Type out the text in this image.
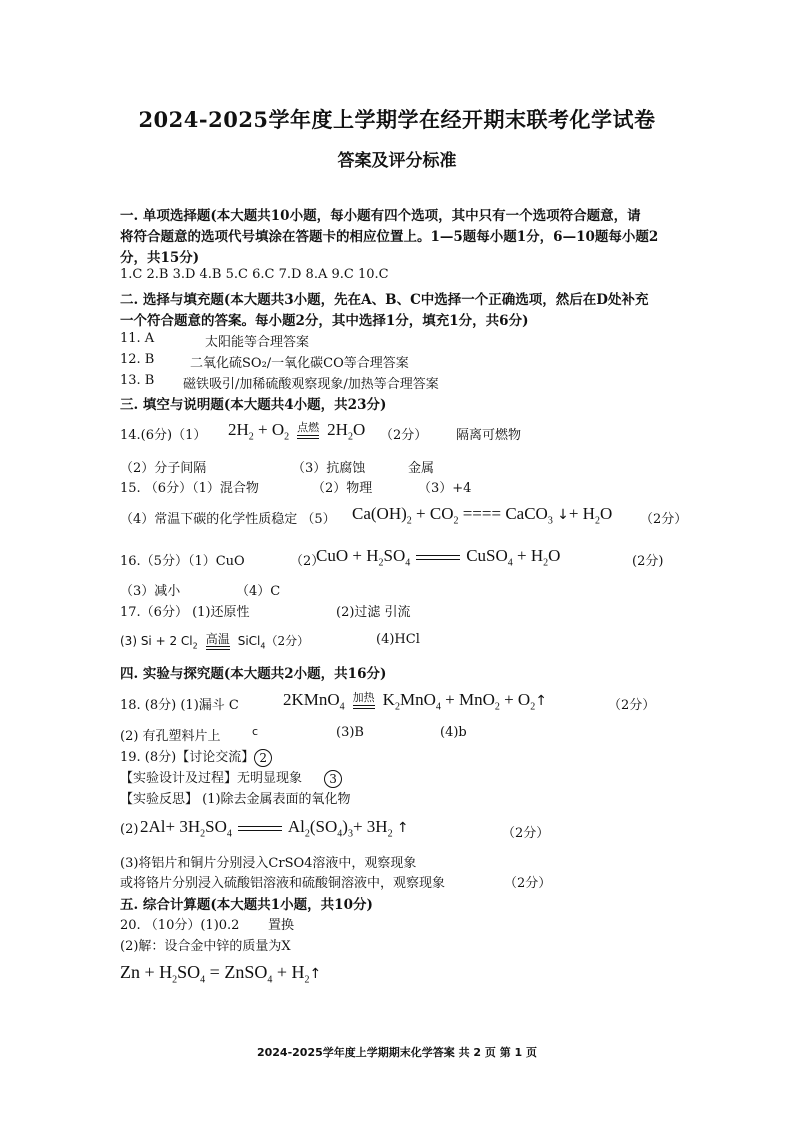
2024-2025学年度上学期学在经开期末联考化学试卷
答案及评分标准
一. 单项选择题(本大题共10小题，每小题有四个选项，其中只有一个选项符合题意，请
将符合题意的选项代号填涂在答题卡的相应位置上。1—5题每小题1分，6—10题每小题2
分，共15分)
1.C 2.B 3.D 4.B 5.C 6.C 7.D 8.A 9.C 10.C
二. 选择与填充题(本大题共3小题，先在A、B、C中选择一个正确选项，然后在D处补充
一个符合题意的答案。每小题2分，其中选择1分，填充1分，共6分)
11. A	太阳能等合理答案
12. B	二氧化硫SO₂/一氧化碳CO等合理答案
13. B 磁铁吸引/加稀硫酸观察现象/加热等合理答案
三. 填空与说明题(本大题共4小题，共23分)
14.(6分)（1） $2H_2 + O_2$
点燃 $2H_2O$ （2分） 隔离可燃物
（2）分子间隔	（3）抗腐蚀	金属
15. （6分）（1）混合物	（2）物理	（3）+4
（4）常温下碳的化学性质稳定 （5） $Ca(OH)_2 + CO_2$ ==== CaCO$_3$ ↓+ $H_2O$ （2分）
16.（5分）（1）CuO	（2）
CuO + $H_2SO_4$	CuSO$_4$ + $H_2O$	(2分)
（3）减小	（4）C
17.（6分） (1)还原性	(2)过滤 引流
(3) Si + 2 $Cl_2$ 高温 SiCl$_4$（2分）	(4)HCl
四. 实验与探究题(本大题共2小题，共16分)
18. (8分) (1)漏斗 C	2KMnO$_4$
加热 $K_2MnO_4 + MnO_2$ + $O_2↑$	（2分）
(2) 有孔塑料片上	c	(3)B	(4)b
19. (8分)【讨论交流】 2
【实验设计及过程】无明显现象 3
【实验反思】 (1)除去金属表面的氧化物
(2) $2Al+ 3H_2SO_4$	$Al_2(SO_4)_3+ 3H_2$ ↑	（2分）
(3)将铝片和铜片分别浸入CrSO4溶液中，观察现象
或将铬片分别浸入硫酸铝溶液和硫酸铜溶液中，观察现象	（2分）
五. 综合计算题(本大题共1小题，共10分)
20. （10分）(1)0.2 置换
(2)解：设合金中锌的质量为X
$Zn + H_2SO_4$ = ZnSO$_4$ + $H_2↑$
2024-2025学年度上学期期末化学答案 共 2 页 第 1 页
